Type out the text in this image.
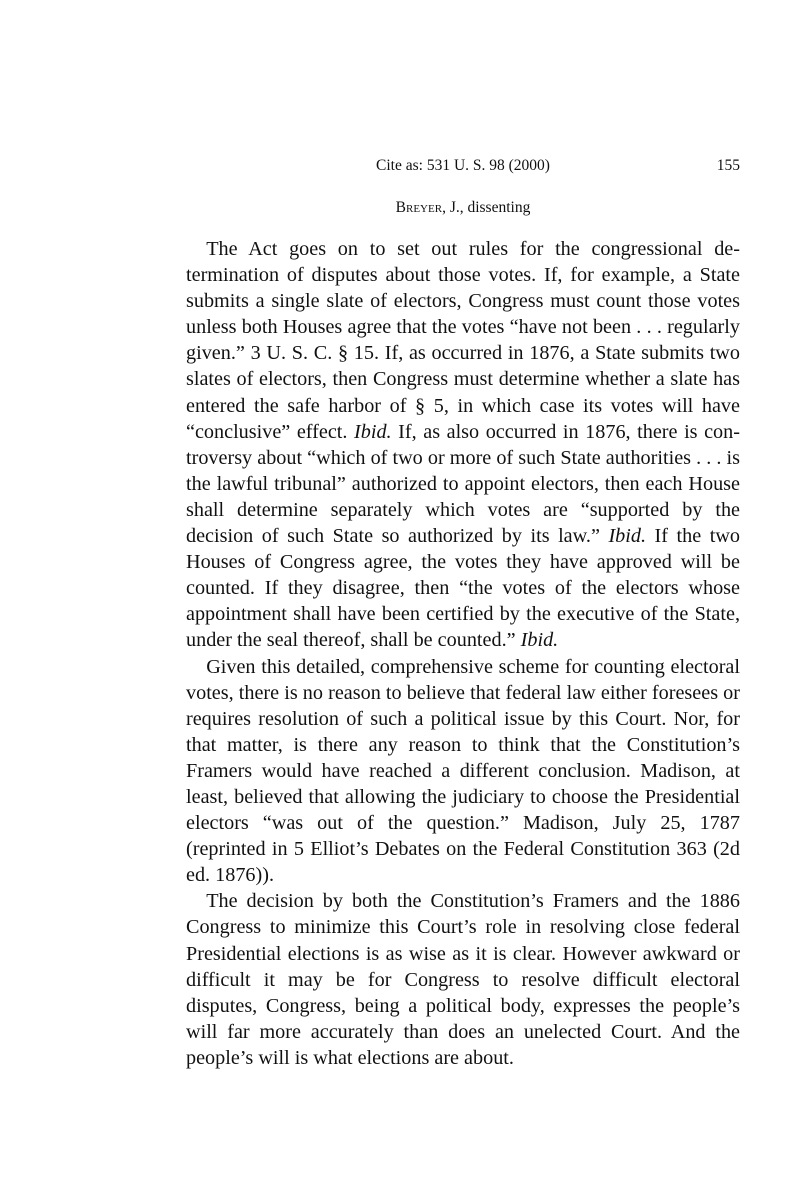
Cite as: 531 U. S. 98 (2000)	155
Breyer, J., dissenting

The Act goes on to set out rules for the congressional determination of disputes about those votes. If, for example, a State submits a single slate of electors, Congress must count those votes unless both Houses agree that the votes “have not been . . . regularly given.” 3 U. S. C. § 15. If, as occurred in 1876, a State submits two slates of electors, then Congress must determine whether a slate has entered the safe harbor of § 5, in which case its votes will have “conclusive” effect. Ibid. If, as also occurred in 1876, there is controversy about “which of two or more of such State authorities . . . is the lawful tribunal” authorized to appoint electors, then each House shall determine separately which votes are “supported by the decision of such State so authorized by its law.” Ibid. If the two Houses of Congress agree, the votes they have approved will be counted. If they disagree, then “the votes of the electors whose appointment shall have been certified by the executive of the State, under the seal thereof, shall be counted.” Ibid.

Given this detailed, comprehensive scheme for counting electoral votes, there is no reason to believe that federal law either foresees or requires resolution of such a political issue by this Court. Nor, for that matter, is there any reason to think that the Constitution’s Framers would have reached a different conclusion. Madison, at least, believed that allowing the judiciary to choose the Presidential electors “was out of the question.” Madison, July 25, 1787 (reprinted in 5 Elliot’s Debates on the Federal Constitution 363 (2d ed. 1876)).

The decision by both the Constitution’s Framers and the 1886 Congress to minimize this Court’s role in resolving close federal Presidential elections is as wise as it is clear. However awkward or difficult it may be for Congress to resolve difficult electoral disputes, Congress, being a political body, expresses the people’s will far more accurately than does an unelected Court. And the people’s will is what elections are about.
